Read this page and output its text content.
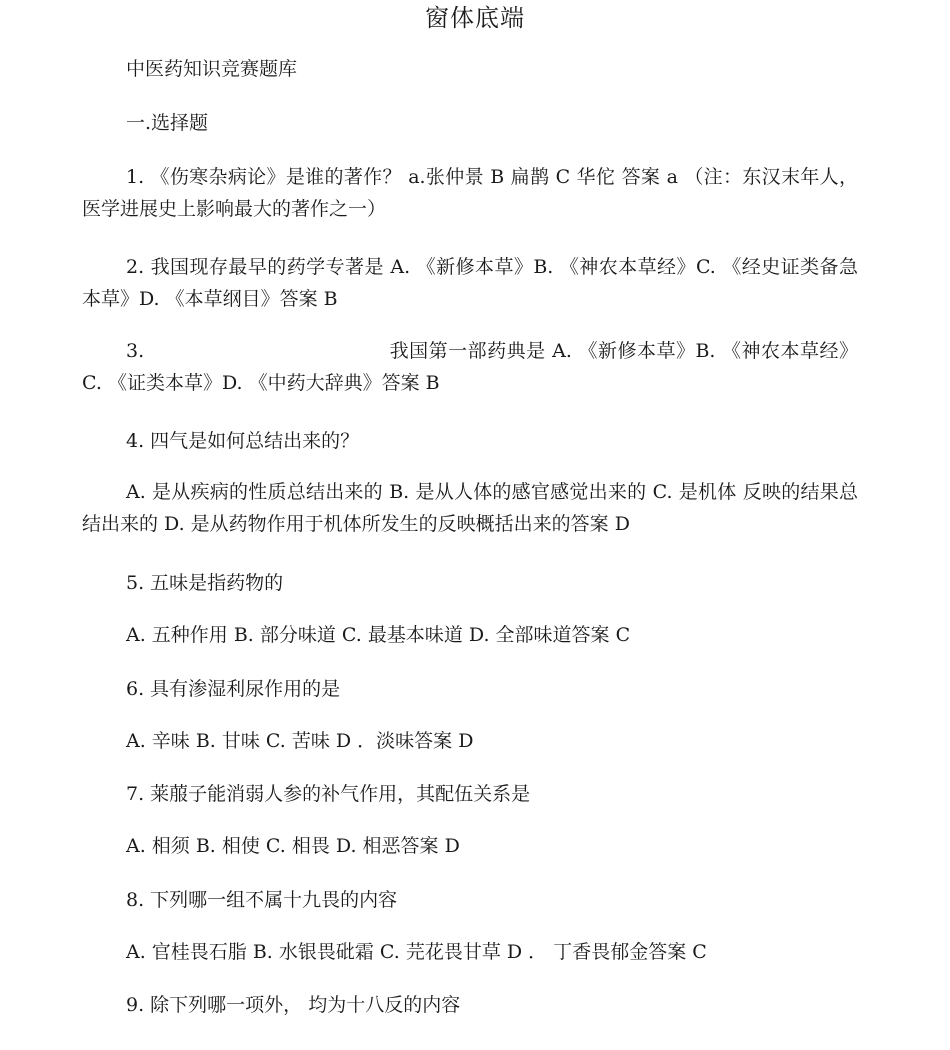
窗体底端
中医药知识竞赛题库
一.选择题
1. 《伤寒杂病论》是谁的著作？ a.张仲景 B 扁鹊 C 华佗 答案 a （注：东汉末年人，医学进展史上影响最大的著作之一）
2. 我国现存最早的药学专著是 A. 《新修本草》B. 《神农本草经》C. 《经史证类备急本草》D. 《本草纲目》答案 B
3.	我国第一部药典是 A. 《新修本草》B. 《神农本草经》C. 《证类本草》D. 《中药大辞典》答案 B
4. 四气是如何总结出来的？
A. 是从疾病的性质总结出来的 B. 是从人体的感官感觉出来的 C. 是机体 反映的结果总结出来的 D. 是从药物作用于机体所发生的反映概括出来的答案 D
5. 五味是指药物的
A. 五种作用 B. 部分味道 C. 最基本味道 D. 全部味道答案 C
6. 具有渗湿利尿作用的是
A. 辛味 B. 甘味 C. 苦味 D ．淡味答案 D
7. 莱菔子能消弱人参的补气作用，其配伍关系是
A. 相须 B. 相使 C. 相畏 D. 相恶答案 D
8. 下列哪一组不属十九畏的内容
A. 官桂畏石脂 B. 水银畏砒霜 C. 芫花畏甘草 D ． 丁香畏郁金答案 C
9. 除下列哪一项外， 均为十八反的内容
